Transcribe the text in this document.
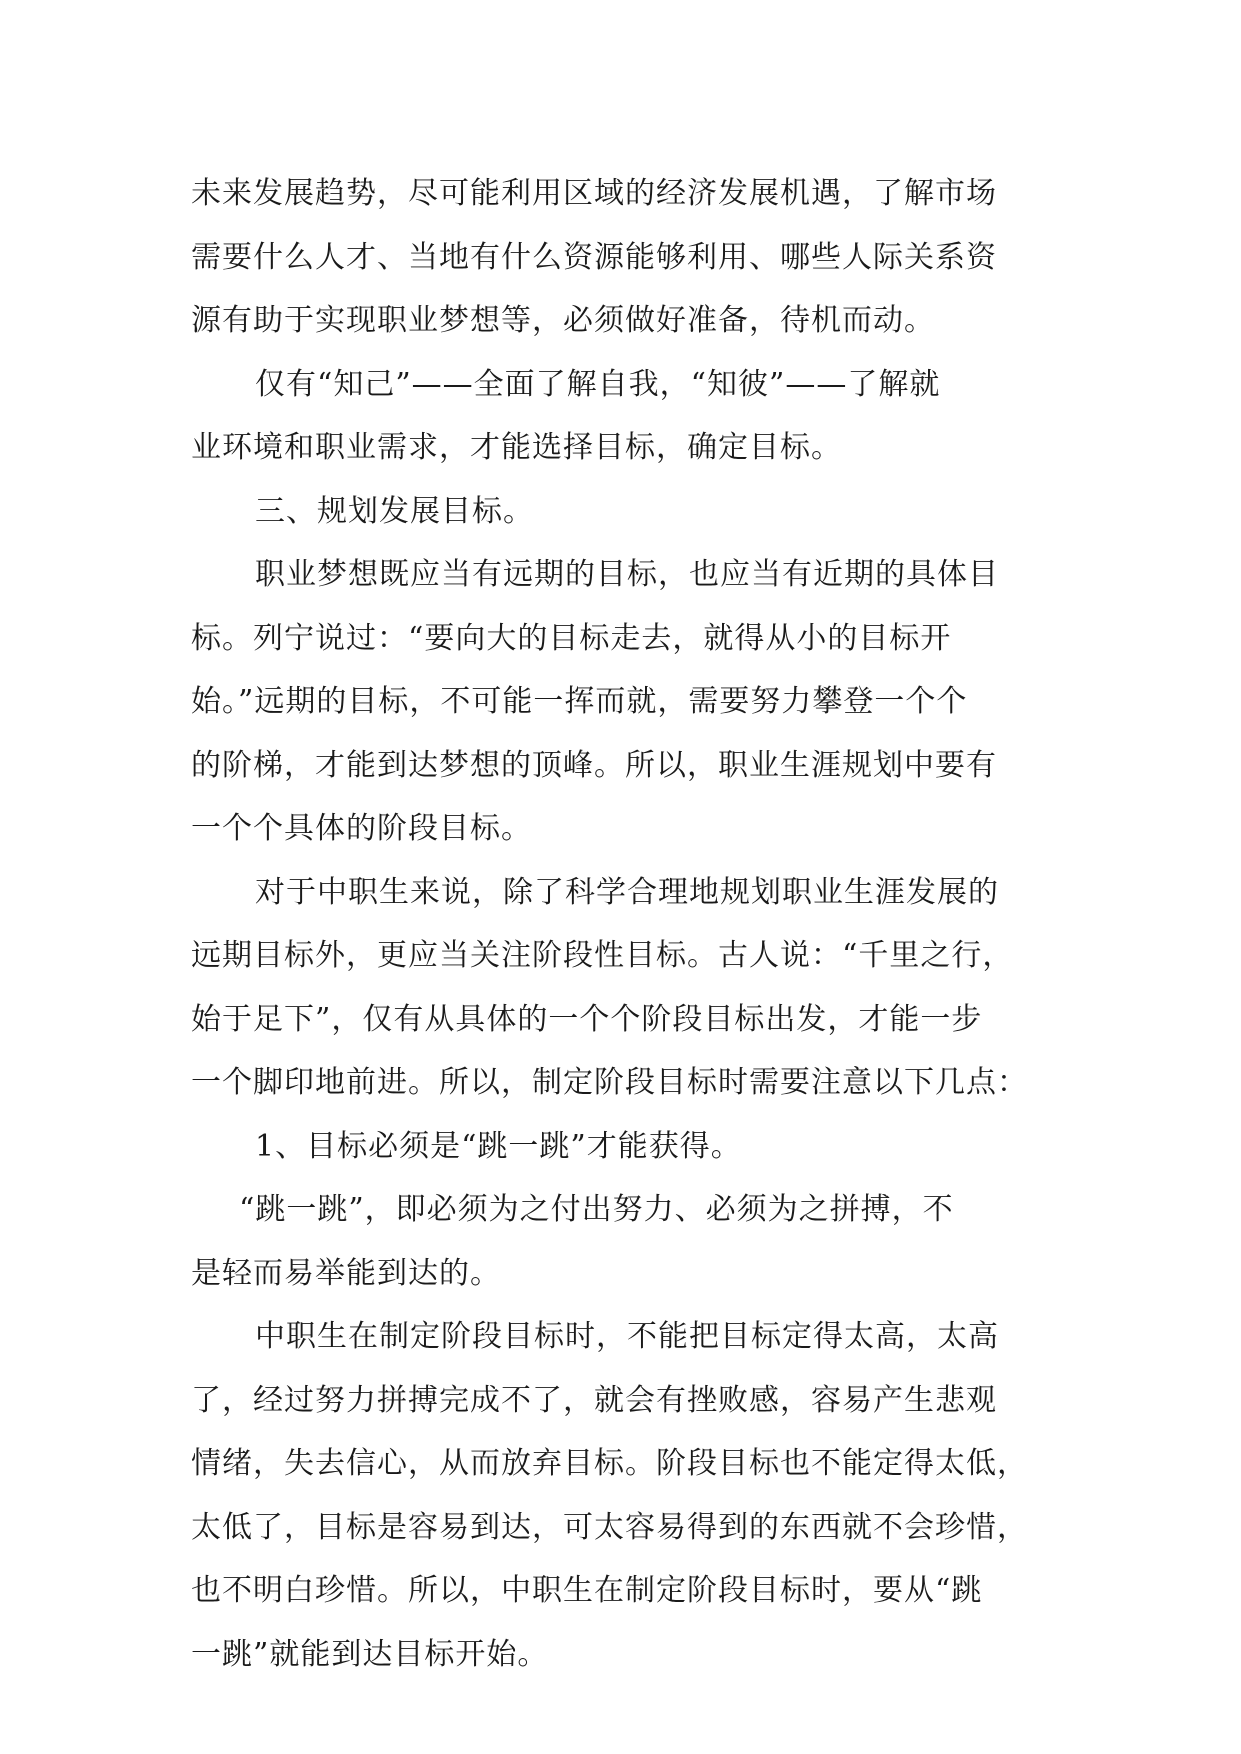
未来发展趋势，尽可能利用区域的经济发展机遇，了解市场
需要什么人才、当地有什么资源能够利用、哪些人际关系资
源有助于实现职业梦想等，必须做好准备，待机而动。
仅有“知己”——全面了解自我，“知彼”——了解就
业环境和职业需求，才能选择目标，确定目标。
三、规划发展目标。
职业梦想既应当有远期的目标，也应当有近期的具体目
标。列宁说过：“要向大的目标走去，就得从小的目标开
始。”远期的目标，不可能一挥而就，需要努力攀登一个个
的阶梯，才能到达梦想的顶峰。所以，职业生涯规划中要有
一个个具体的阶段目标。
对于中职生来说，除了科学合理地规划职业生涯发展的
远期目标外，更应当关注阶段性目标。古人说：“千里之行，
始于足下”，仅有从具体的一个个阶段目标出发，才能一步
一个脚印地前进。所以，制定阶段目标时需要注意以下几点：
1、目标必须是“跳一跳”才能获得。
“跳一跳”，即必须为之付出努力、必须为之拼搏，不
是轻而易举能到达的。
中职生在制定阶段目标时，不能把目标定得太高，太高
了，经过努力拼搏完成不了，就会有挫败感，容易产生悲观
情绪，失去信心，从而放弃目标。阶段目标也不能定得太低，
太低了，目标是容易到达，可太容易得到的东西就不会珍惜，
也不明白珍惜。所以，中职生在制定阶段目标时，要从“跳
一跳”就能到达目标开始。
